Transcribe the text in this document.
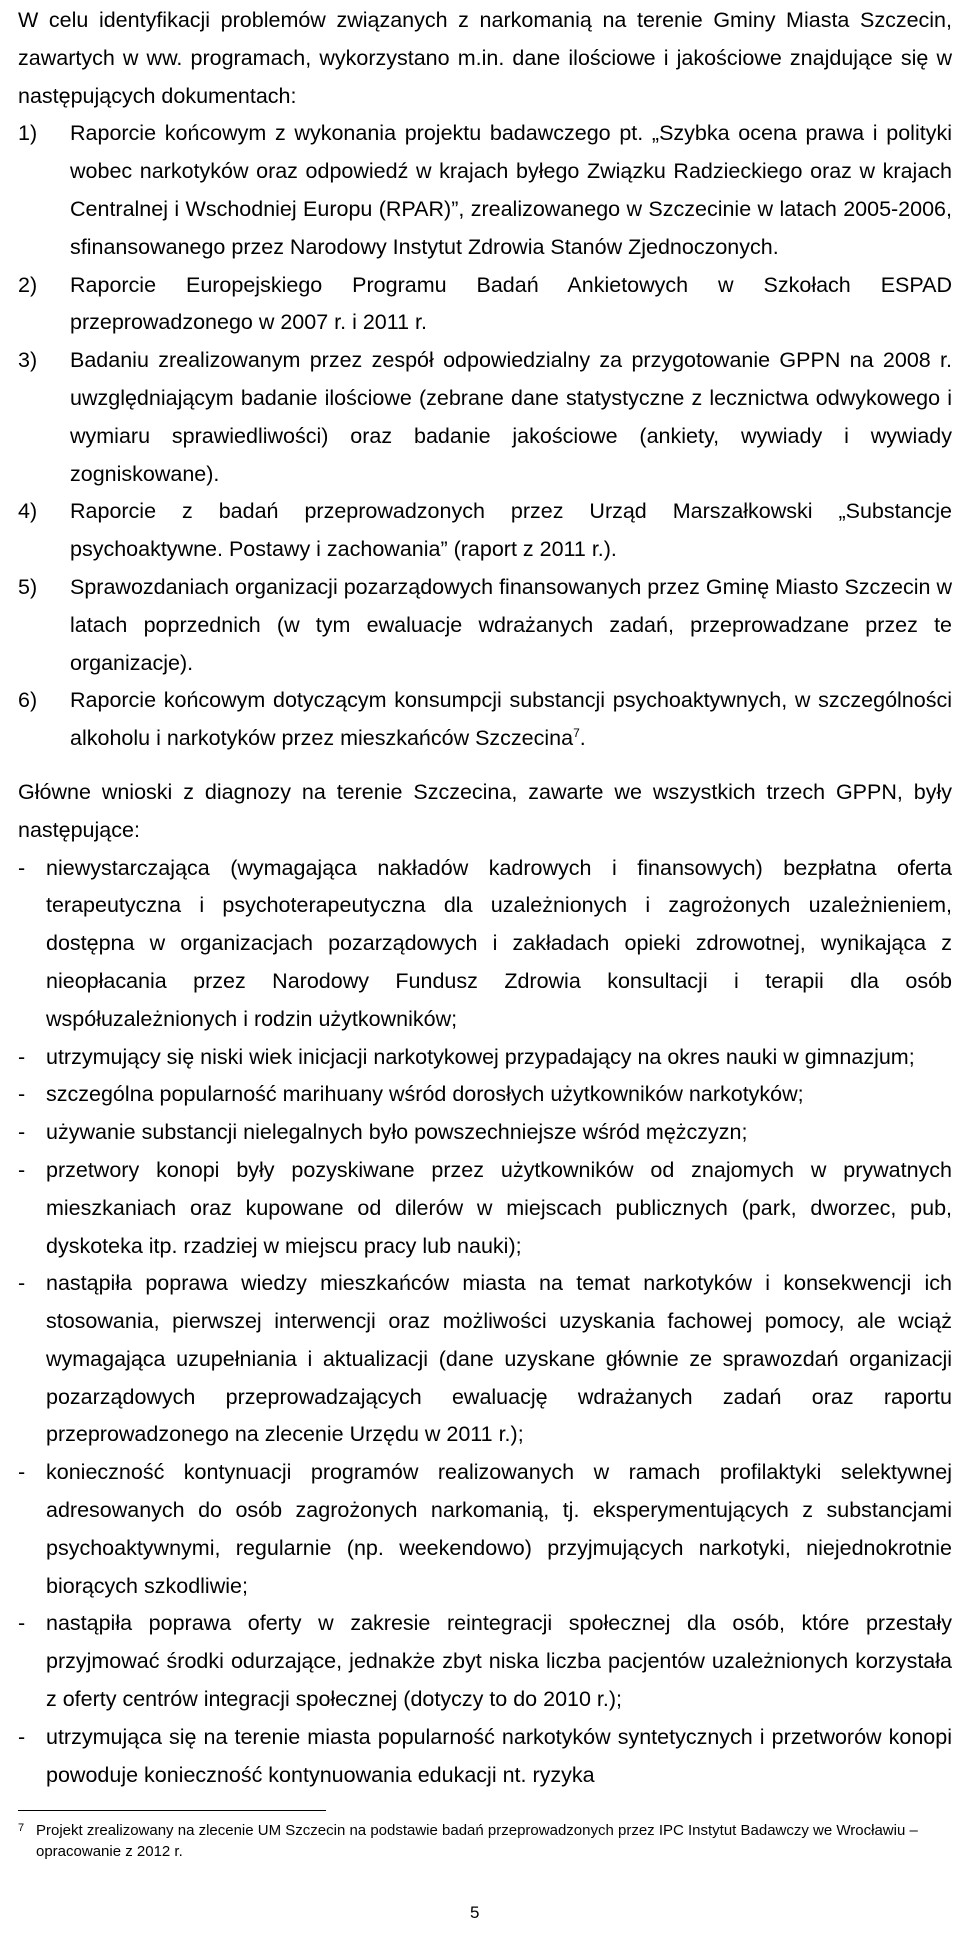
W celu identyfikacji problemów związanych z narkomanią na terenie Gminy Miasta Szczecin, zawartych w ww. programach, wykorzystano m.in. dane ilościowe i jakościowe znajdujące się w następujących dokumentach:

1)	Raporcie końcowym z wykonania projektu badawczego pt. „Szybka ocena prawa i polityki wobec narkotyków oraz odpowiedź w krajach byłego Związku Radzieckiego oraz w krajach Centralnej i Wschodniej Europu (RPAR)”, zrealizowanego w Szczecinie w latach 2005-2006, sfinansowanego przez Narodowy Instytut Zdrowia Stanów Zjednoczonych.
2)	Raporcie Europejskiego Programu Badań Ankietowych w Szkołach ESPAD przeprowadzonego w 2007 r. i 2011 r.
3)	Badaniu zrealizowanym przez zespół odpowiedzialny za przygotowanie GPPN na 2008 r. uwzględniającym badanie ilościowe (zebrane dane statystyczne z lecznictwa odwykowego i wymiaru sprawiedliwości) oraz badanie jakościowe (ankiety, wywiady i wywiady zogniskowane).
4)	Raporcie z badań przeprowadzonych przez Urząd Marszałkowski „Substancje psychoaktywne. Postawy i zachowania” (raport z 2011 r.).
5)	Sprawozdaniach organizacji pozarządowych finansowanych przez Gminę Miasto Szczecin w latach poprzednich (w tym ewaluacje wdrażanych zadań, przeprowadzane przez te organizacje).
6)	Raporcie końcowym dotyczącym konsumpcji substancji psychoaktywnych, w szczególności alkoholu i narkotyków przez mieszkańców Szczecina$^7$.

Główne wnioski z diagnozy na terenie Szczecina, zawarte we wszystkich trzech GPPN, były następujące:

- niewystarczająca (wymagająca nakładów kadrowych i finansowych) bezpłatna oferta terapeutyczna i psychoterapeutyczna dla uzależnionych i zagrożonych uzależnieniem, dostępna w organizacjach pozarządowych i zakładach opieki zdrowotnej, wynikająca z nieopłacania przez Narodowy Fundusz Zdrowia konsultacji i terapii dla osób współuzależnionych i rodzin użytkowników;
- utrzymujący się niski wiek inicjacji narkotykowej przypadający na okres nauki w gimnazjum;
- szczególna popularność marihuany wśród dorosłych użytkowników narkotyków;
- używanie substancji nielegalnych było powszechniejsze wśród mężczyzn;
- przetwory konopi były pozyskiwane przez użytkowników od znajomych w prywatnych mieszkaniach oraz kupowane od dilerów w miejscach publicznych (park, dworzec, pub, dyskoteka itp. rzadziej w miejscu pracy lub nauki);
- nastąpiła poprawa wiedzy mieszkańców miasta na temat narkotyków i konsekwencji ich stosowania, pierwszej interwencji oraz możliwości uzyskania fachowej pomocy, ale wciąż wymagająca uzupełniania i aktualizacji (dane uzyskane głównie ze sprawozdań organizacji pozarządowych przeprowadzających ewaluację wdrażanych zadań oraz raportu przeprowadzonego na zlecenie Urzędu w 2011 r.);
- konieczność kontynuacji programów realizowanych w ramach profilaktyki selektywnej adresowanych do osób zagrożonych narkomanią, tj. eksperymentujących z substancjami psychoaktywnymi, regularnie (np. weekendowo) przyjmujących narkotyki, niejednokrotnie biorących szkodliwie;
- nastąpiła poprawa oferty w zakresie reintegracji społecznej dla osób, które przestały przyjmować środki odurzające, jednakże zbyt niska liczba pacjentów uzależnionych korzystała z oferty centrów integracji społecznej (dotyczy to do 2010 r.);
- utrzymująca się na terenie miasta popularność narkotyków syntetycznych i przetworów konopi powoduje konieczność kontynuowania edukacji nt. ryzyka
7 Projekt zrealizowany na zlecenie UM Szczecin na podstawie badań przeprowadzonych przez IPC Instytut Badawczy we Wrocławiu – opracowanie z 2012 r.
5
